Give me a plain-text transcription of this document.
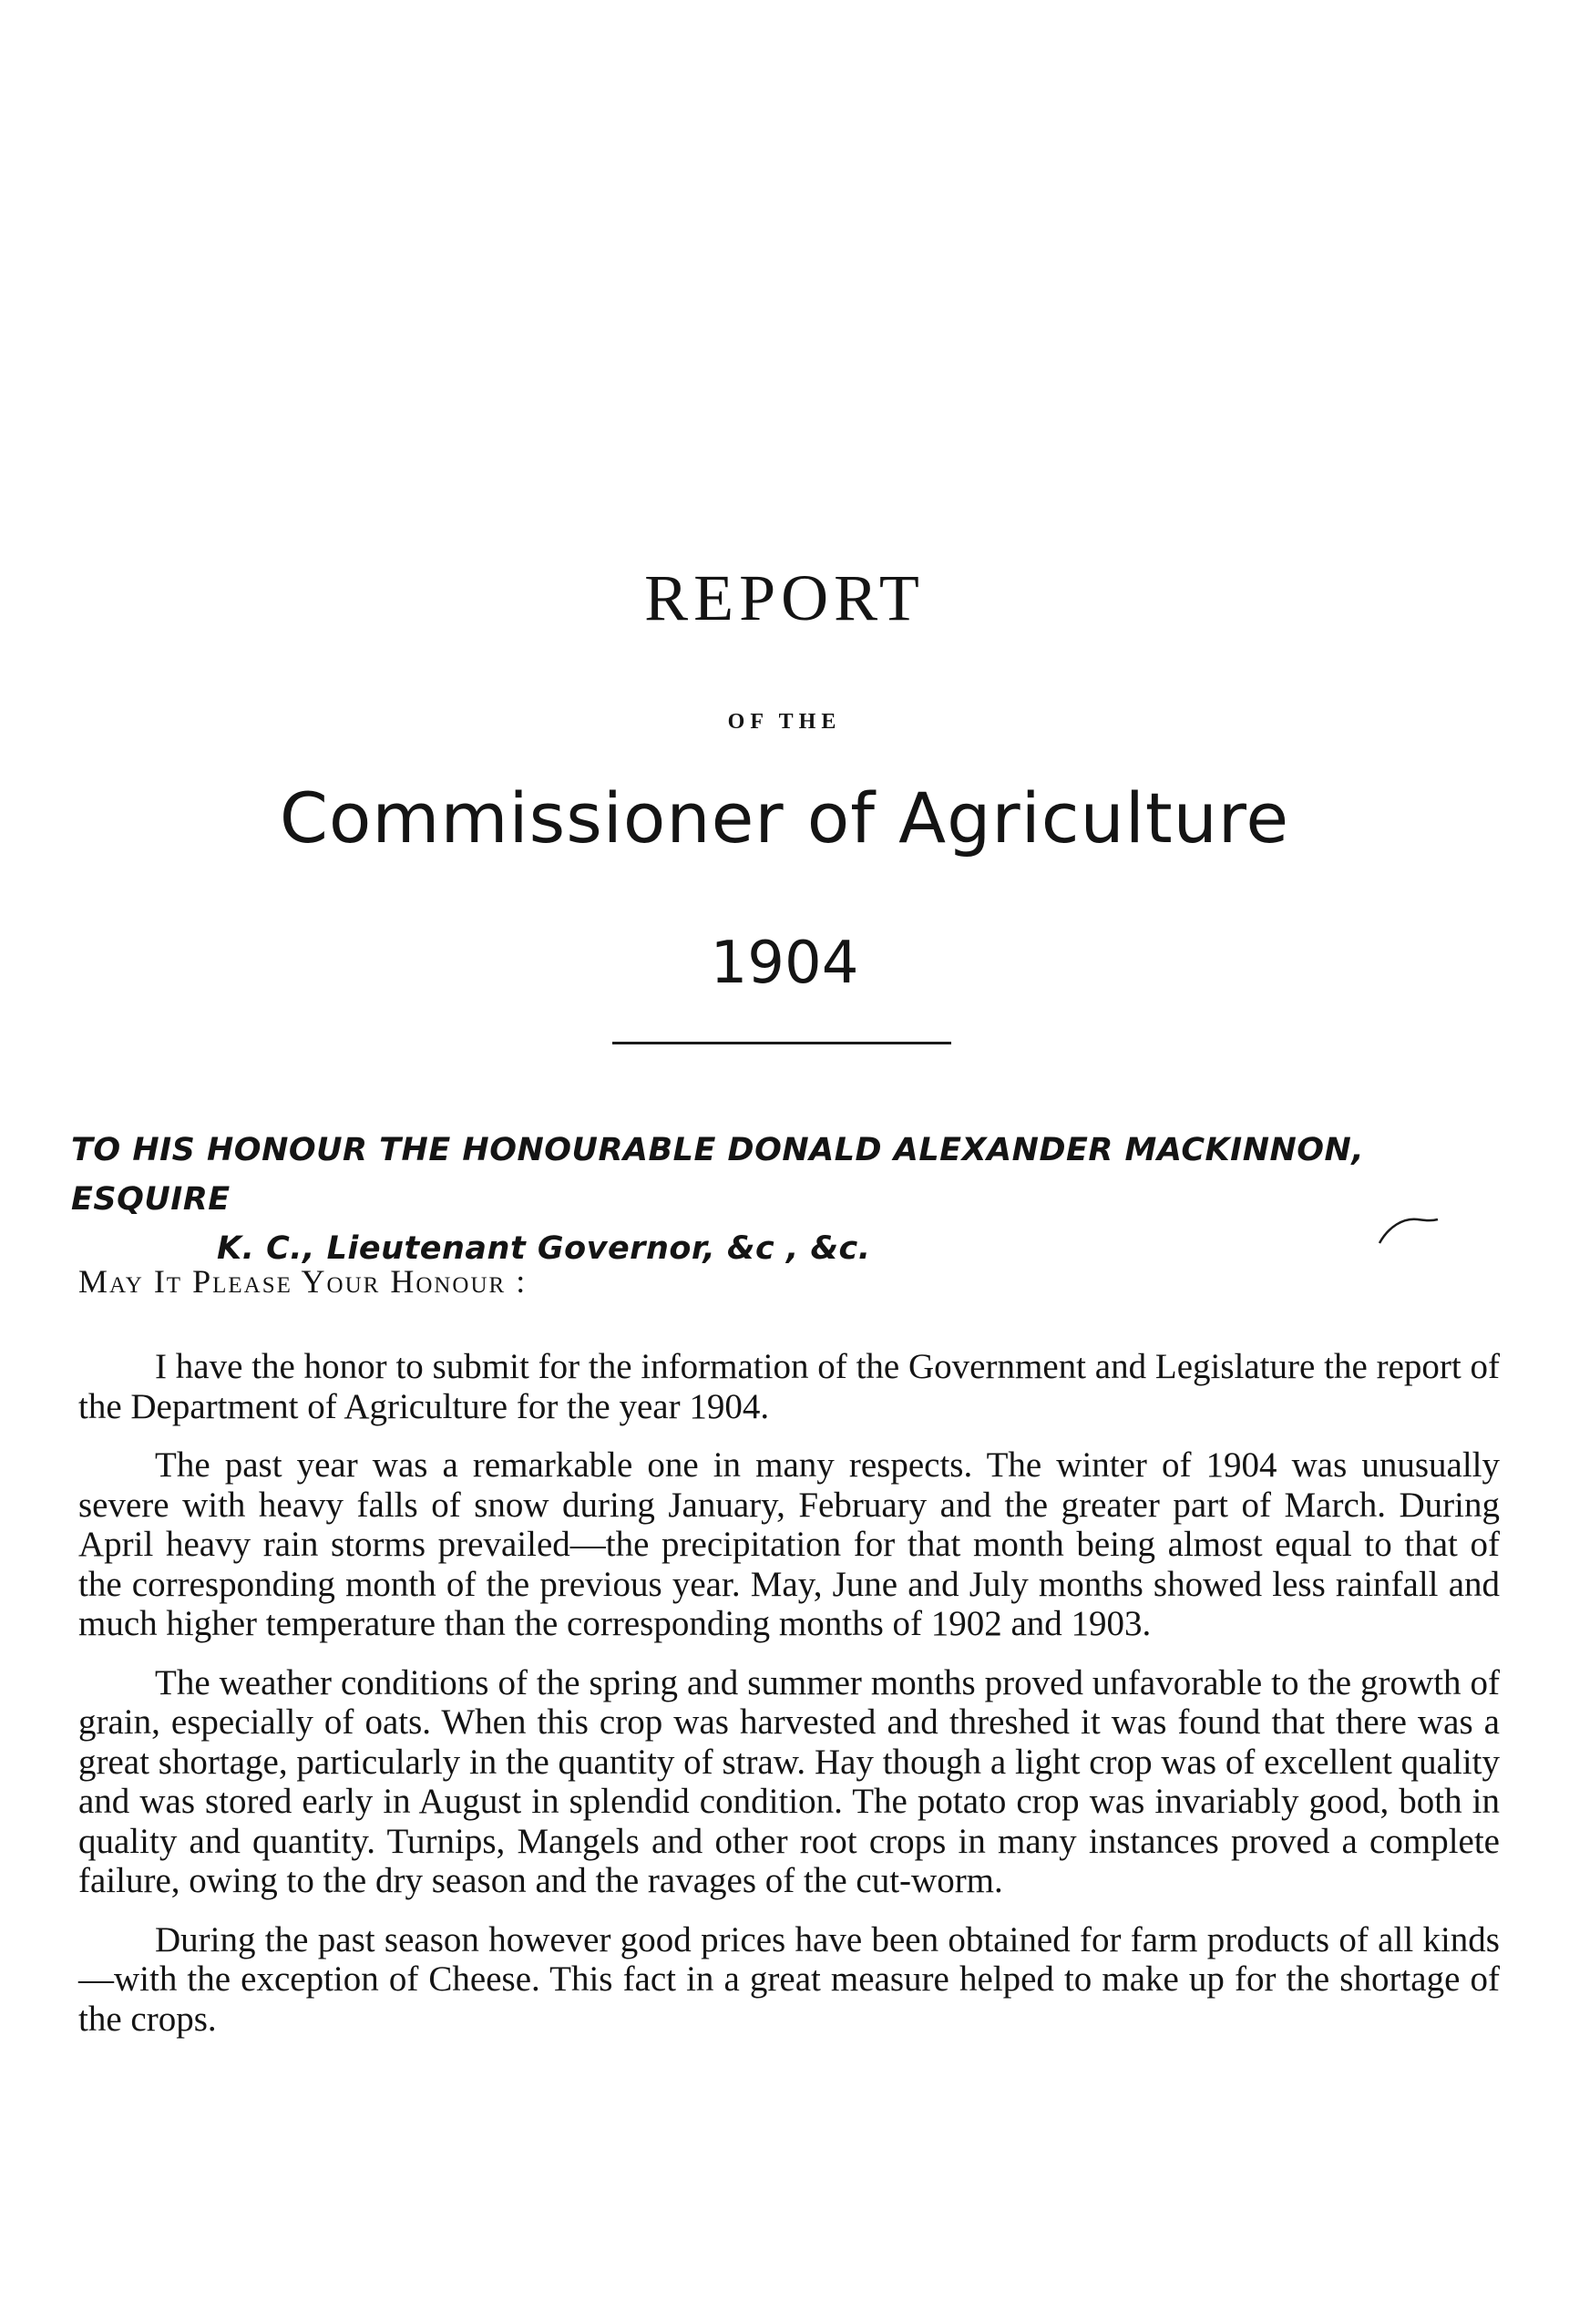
REPORT
OF THE
Commissioner of Agriculture
1904
TO HIS HONOUR THE HONOURABLE DONALD ALEXANDER MACKINNON, ESQUIRE
K. C., Lieutenant Governor, &c , &c.
May It Please Your Honour :

I have the honor to submit for the information of the Government and Legislature the report of the Department of Agriculture for the year 1904.

The past year was a remarkable one in many respects. The winter of 1904 was unusually severe with heavy falls of snow during January, February and the greater part of March. During April heavy rain storms prevailed—the precipitation for that month being almost equal to that of the corresponding month of the previous year. May, June and July months showed less rainfall and much higher temperature than the corresponding months of 1902 and 1903.

The weather conditions of the spring and summer months proved unfavorable to the growth of grain, especially of oats. When this crop was harvested and threshed it was found that there was a great shortage, particularly in the quantity of straw. Hay though a light crop was of excellent quality and was stored early in August in splendid condition. The potato crop was invariably good, both in quality and quantity. Turnips, Mangels and other root crops in many instances proved a complete failure, owing to the dry season and the ravages of the cut-worm.

During the past season however good prices have been obtained for farm products of all kinds—with the exception of Cheese. This fact in a great measure helped to make up for the shortage of the crops.
